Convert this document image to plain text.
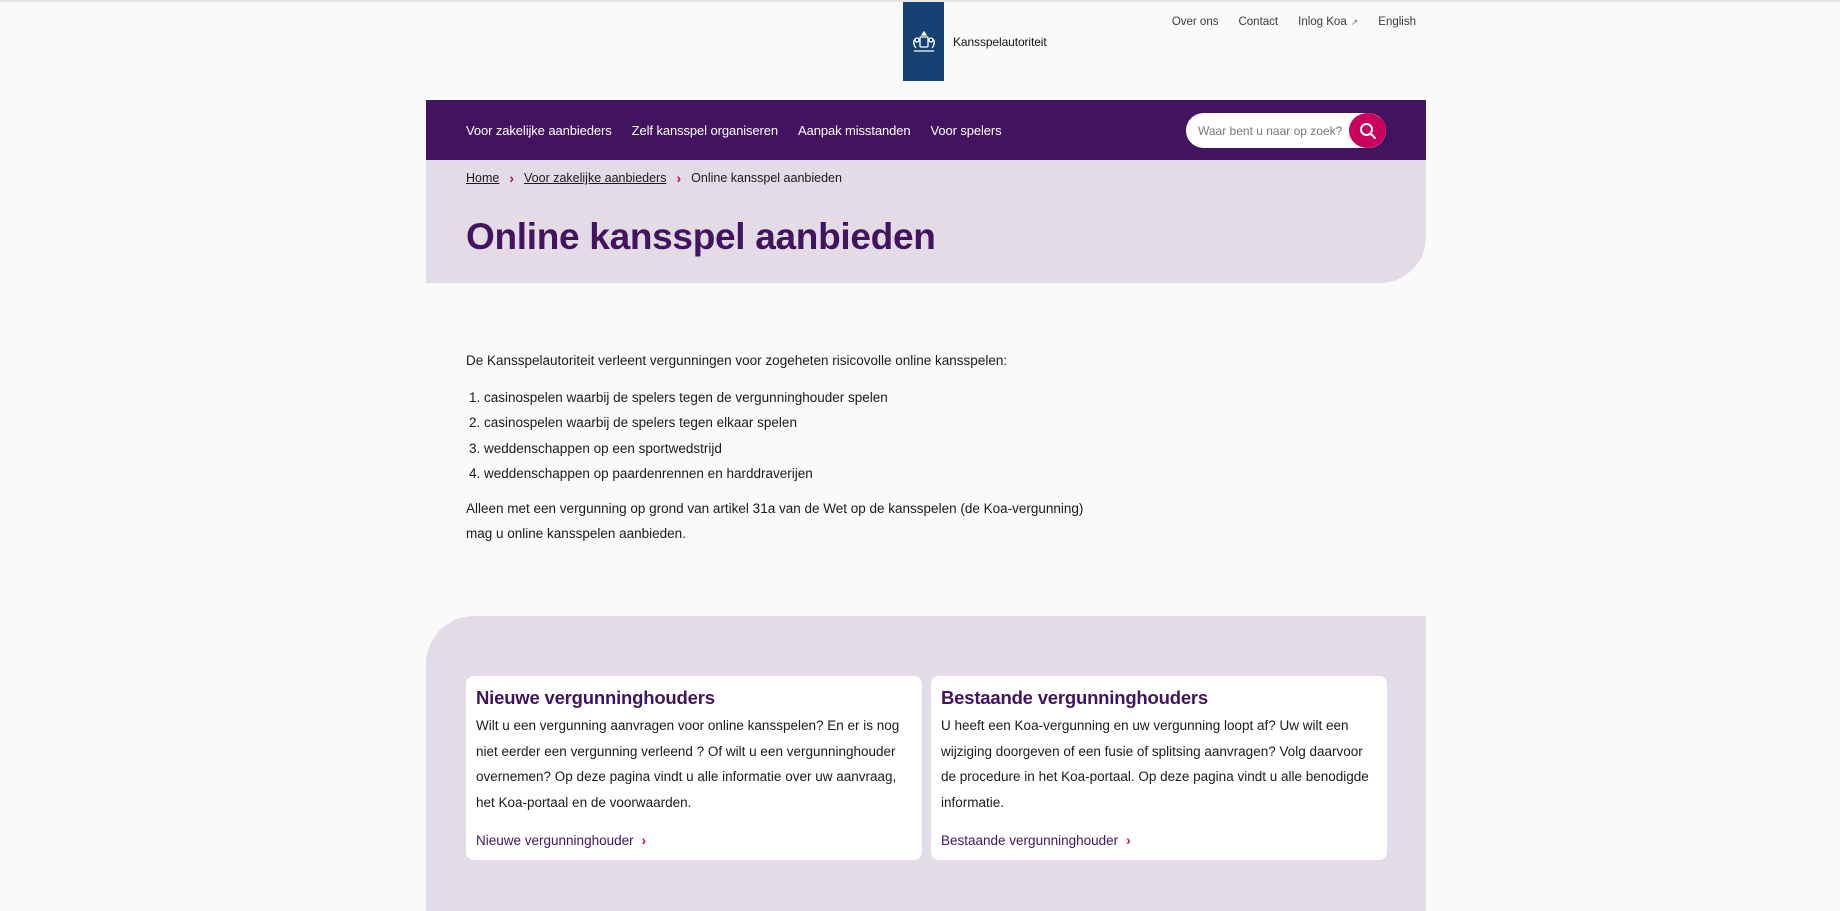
Kansspelautoriteit
Over ons Contact Inlog Koa ↗ English
Voor zakelijke aanbieders Zelf kansspel organiseren Aanpak misstanden Voor spelers
Waar bent u naar op zoek?
Home › Voor zakelijke aanbieders › Online kansspel aanbieden
Online kansspel aanbieden

De Kansspelautoriteit verleent vergunningen voor zogeheten risicovolle online kansspelen:

1. casinospelen waarbij de spelers tegen de vergunninghouder spelen
2. casinospelen waarbij de spelers tegen elkaar spelen
3. weddenschappen op een sportwedstrijd
4. weddenschappen op paardenrennen en harddraverijen

Alleen met een vergunning op grond van artikel 31a van de Wet op de kansspelen (de Koa-vergunning)
mag u online kansspelen aanbieden.

Nieuwe vergunninghouders

Wilt u een vergunning aanvragen voor online kansspelen? En er is nog niet eerder een vergunning verleend ? Of wilt u een vergunninghouder overnemen? Op deze pagina vindt u alle informatie over uw aanvraag, het Koa-portaal en de voorwaarden.

Nieuwe vergunninghouder ›
Bestaande vergunninghouders

U heeft een Koa-vergunning en uw vergunning loopt af? Uw wilt een wijziging doorgeven of een fusie of splitsing aanvragen? Volg daarvoor de procedure in het Koa-portaal. Op deze pagina vindt u alle benodigde informatie.

Bestaande vergunninghouder ›
